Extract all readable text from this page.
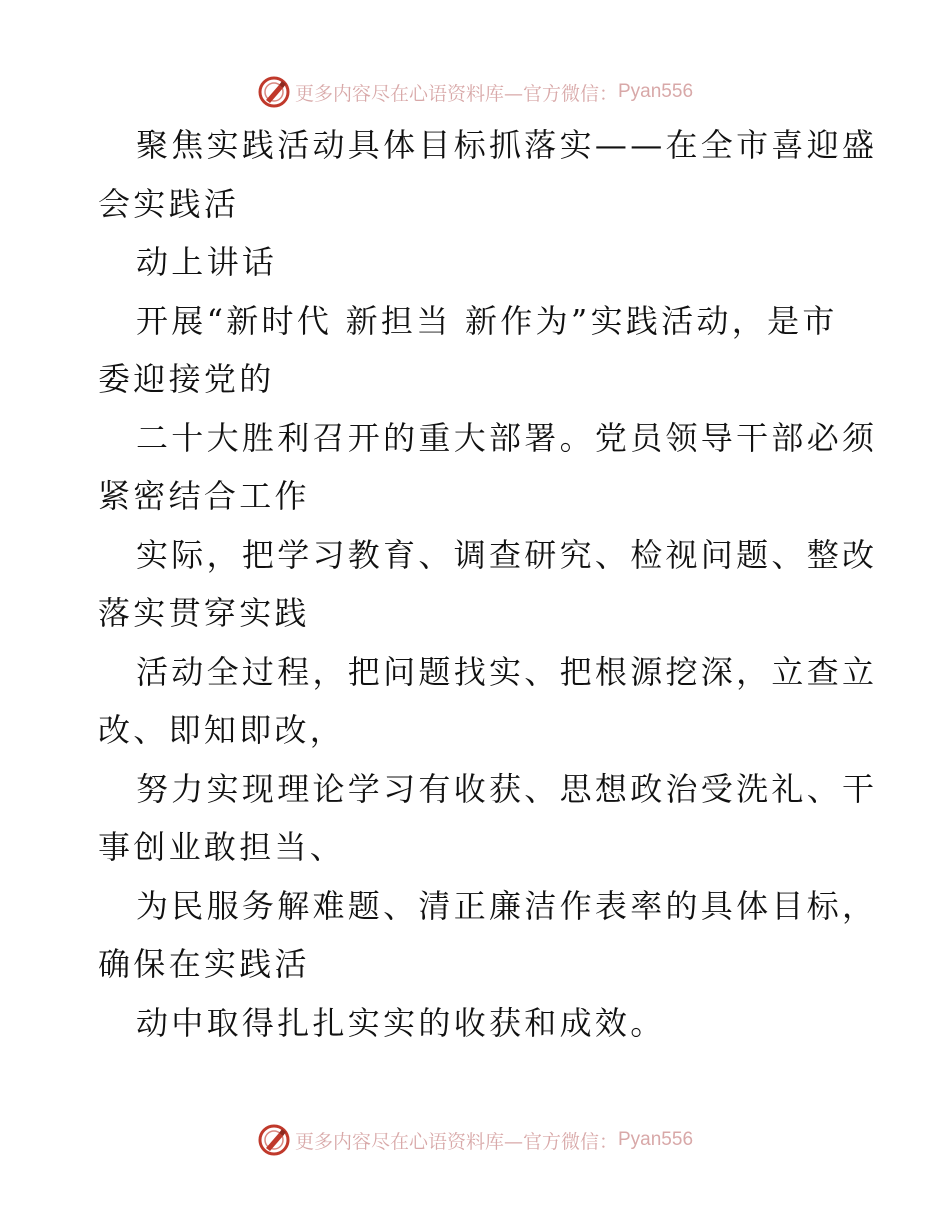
更多内容尽在心语资料库—官方微信： Pyan556
聚焦实践活动具体目标抓落实——在全市喜迎盛
会实践活
动上讲话
开展“新时代 新担当 新作为”实践活动，是市
委迎接党的
二十大胜利召开的重大部署。党员领导干部必须
紧密结合工作
实际，把学习教育、调查研究、检视问题、整改
落实贯穿实践
活动全过程，把问题找实、把根源挖深，立查立
改、即知即改，
努力实现理论学习有收获、思想政治受洗礼、干
事创业敢担当、
为民服务解难题、清正廉洁作表率的具体目标，
确保在实践活
动中取得扎扎实实的收获和成效。
更多内容尽在心语资料库—官方微信： Pyan556
